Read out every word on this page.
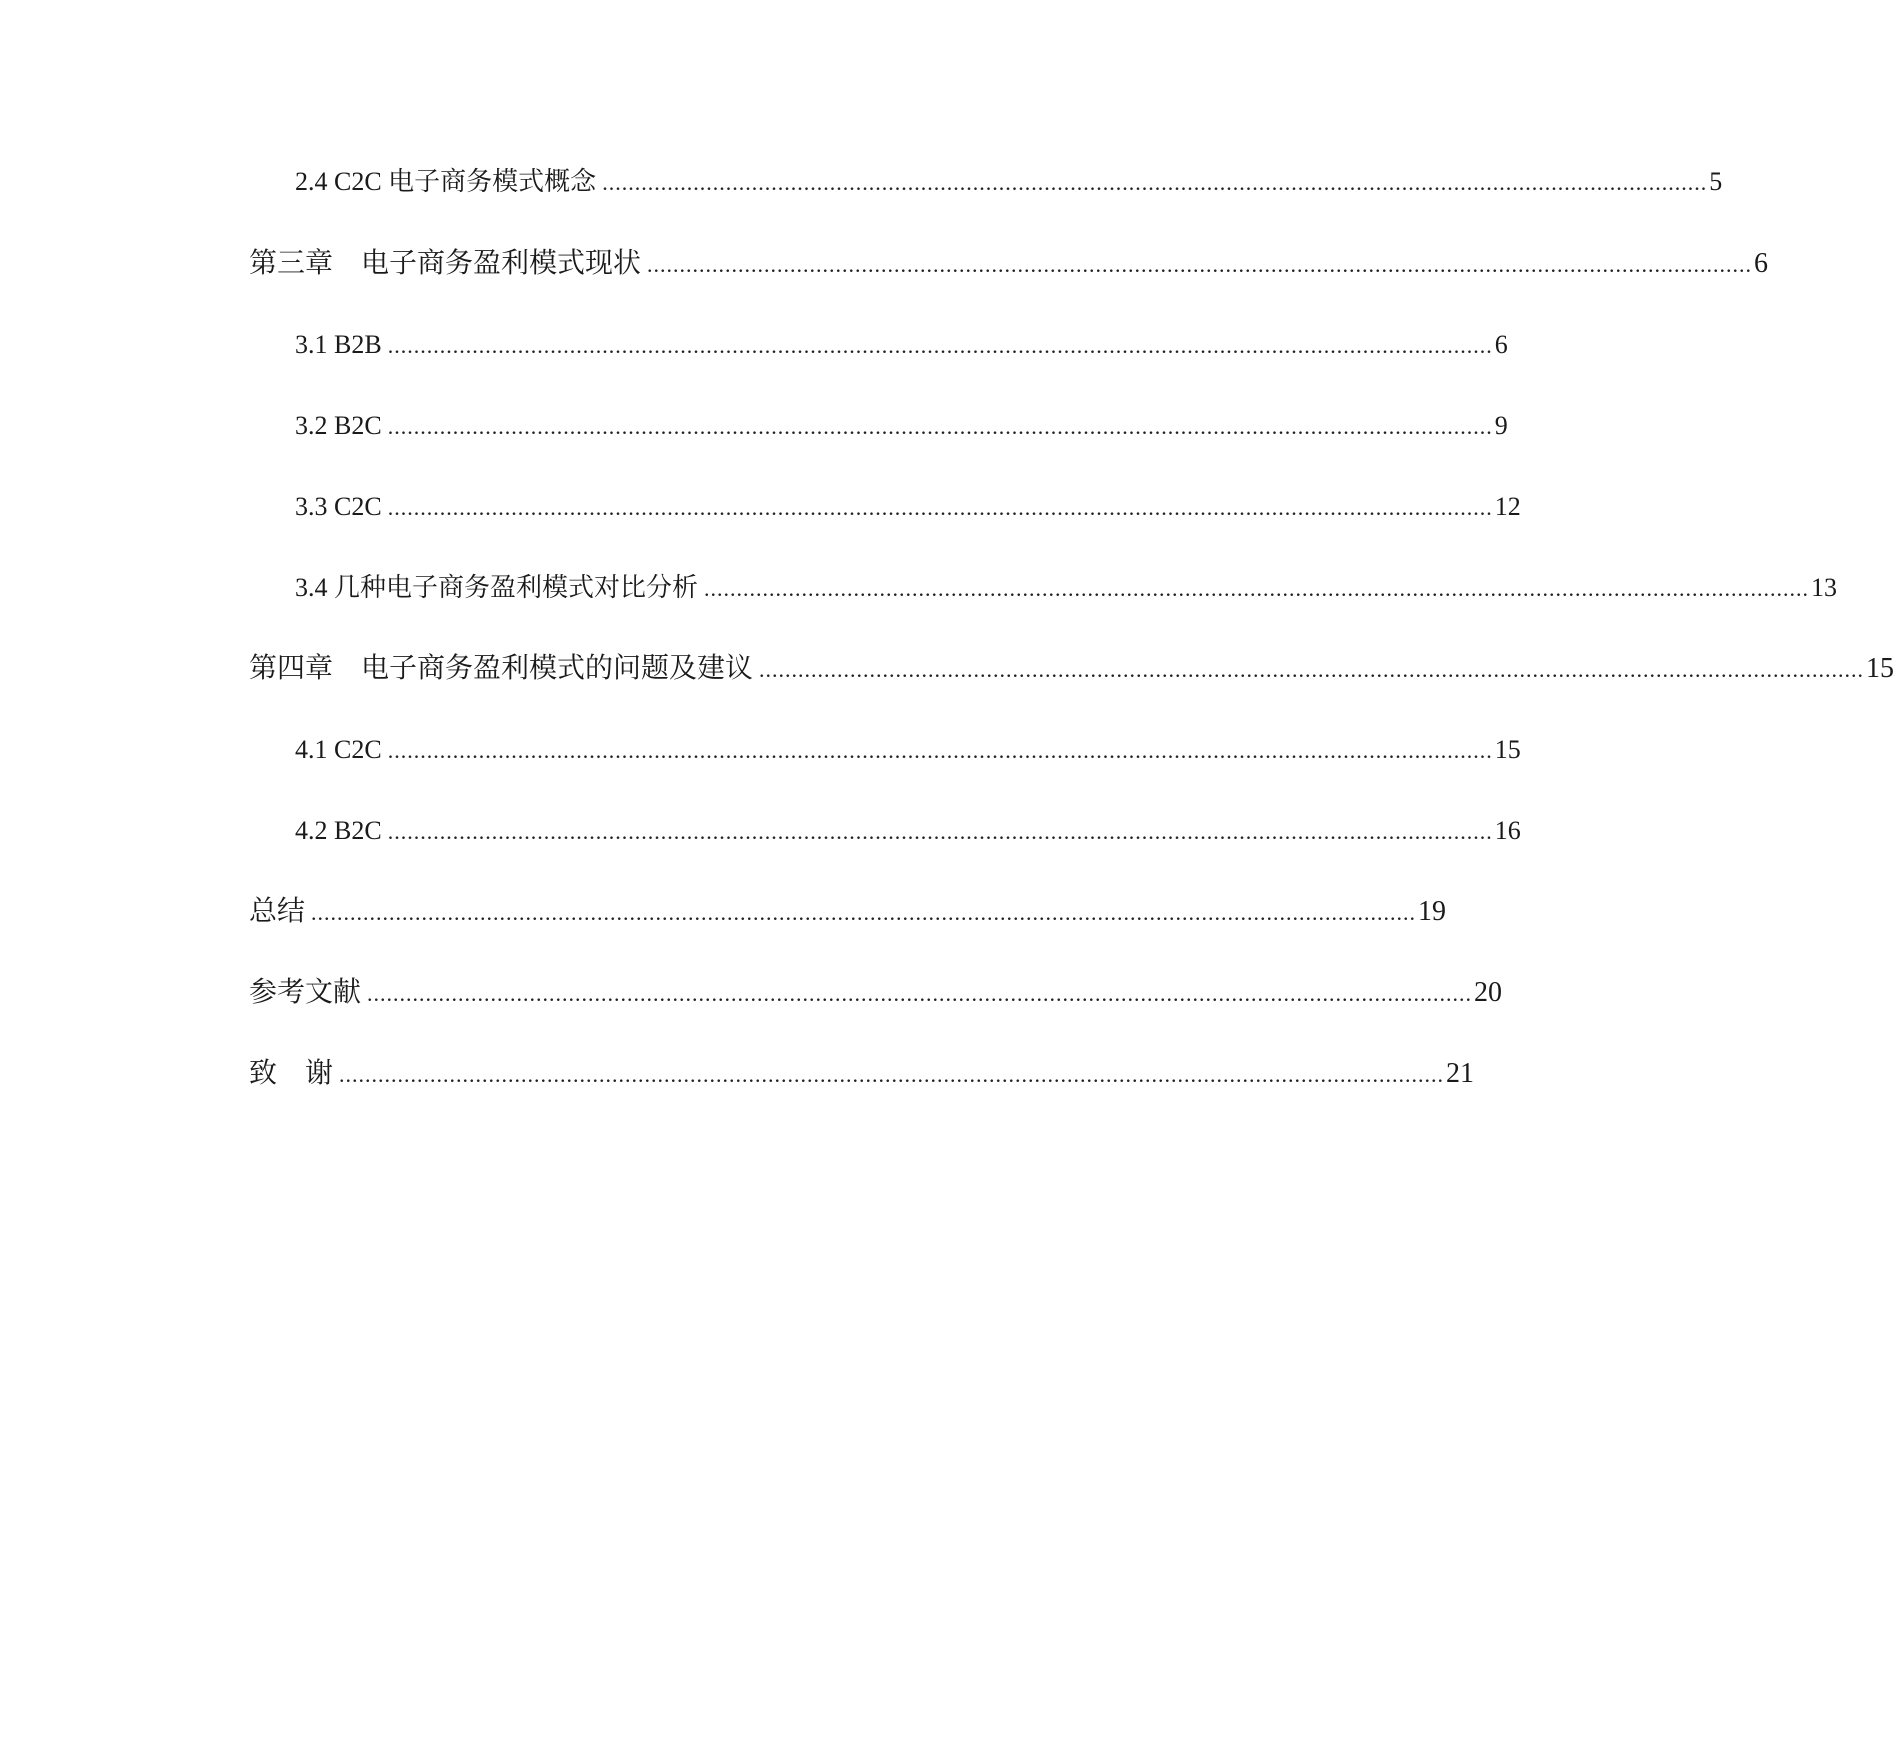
2.4 C2C 电子商务模式概念 .......................................................................................................................................................................... 5
第三章　电子商务盈利模式现状 .......................................................................................................................................................................... 6
3.1 B2B .......................................................................................................................................................................... 6
3.2 B2C .......................................................................................................................................................................... 9
3.3 C2C .......................................................................................................................................................................... 12
3.4 几种电子商务盈利模式对比分析 .......................................................................................................................................................................... 13
第四章　电子商务盈利模式的问题及建议 .......................................................................................................................................................................... 15
4.1 C2C .......................................................................................................................................................................... 15
4.2 B2C .......................................................................................................................................................................... 16
总结 .......................................................................................................................................................................... 19
参考文献 .......................................................................................................................................................................... 20
致　谢 .......................................................................................................................................................................... 21
